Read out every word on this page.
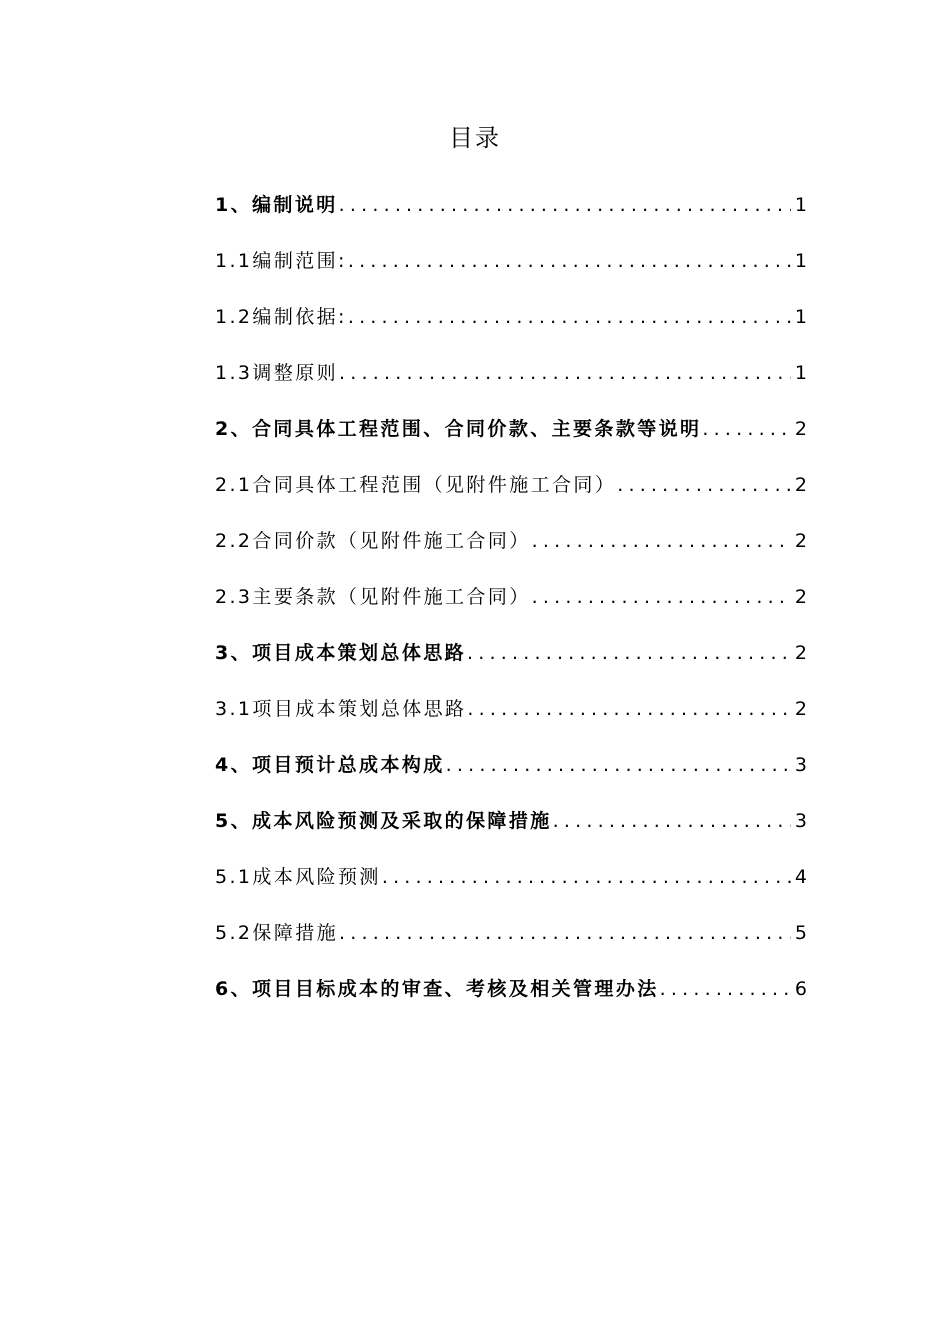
目录
1、编制说明 .....	1
1.1编制范围: .....	1
1.2编制依据: .....	1
1.3调整原则 .....	1
2、合同具体工程范围、合同价款、主要条款等说明 .....	2
2.1合同具体工程范围（见附件施工合同） .....	2
2.2合同价款（见附件施工合同） .....	2
2.3主要条款（见附件施工合同） .....	2
3、项目成本策划总体思路 .....	2
3.1项目成本策划总体思路 .....	2
4、项目预计总成本构成 .....	3
5、成本风险预测及采取的保障措施 .....	3
5.1成本风险预测 .....	4
5.2保障措施 .....	5
6、项目目标成本的审查、考核及相关管理办法 .....	6
